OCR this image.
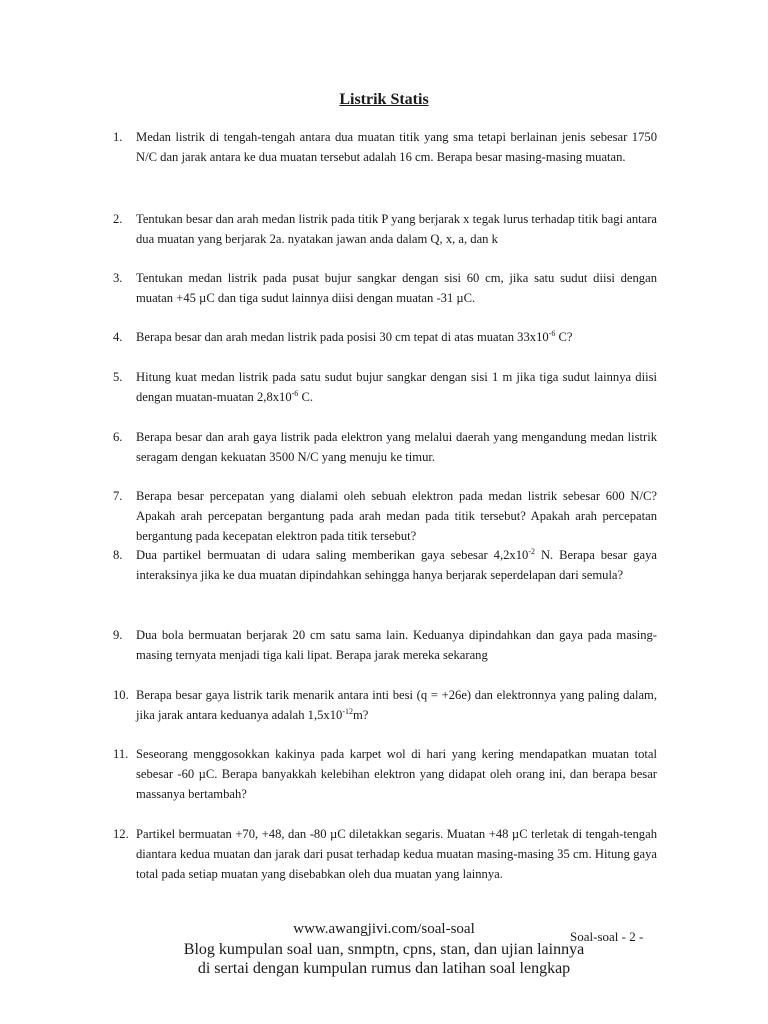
Listrik Statis
1. Medan listrik di tengah-tengah antara dua muatan titik yang sma tetapi berlainan jenis sebesar 1750 N/C dan jarak antara ke dua muatan tersebut adalah 16 cm. Berapa besar masing-masing muatan.
2. Tentukan besar dan arah medan listrik pada titik P yang berjarak x tegak lurus terhadap titik bagi antara dua muatan yang berjarak 2a. nyatakan jawan anda dalam Q, x, a, dan k
3. Tentukan medan listrik pada pusat bujur sangkar dengan sisi 60 cm, jika satu sudut diisi dengan muatan +45 µC dan tiga sudut lainnya diisi dengan muatan -31 µC.
4. Berapa besar dan arah medan listrik pada posisi 30 cm tepat di atas muatan $33x10^{-6}$ C?
5. Hitung kuat medan listrik pada satu sudut bujur sangkar dengan sisi 1 m jika tiga sudut lainnya diisi dengan muatan-muatan $2,8x10^{-6}$ C.
6. Berapa besar dan arah gaya listrik pada elektron yang melalui daerah yang mengandung medan listrik seragam dengan kekuatan 3500 N/C yang menuju ke timur.
7. Berapa besar percepatan yang dialami oleh sebuah elektron pada medan listrik sebesar 600 N/C? Apakah arah percepatan bergantung pada arah medan pada titik tersebut? Apakah arah percepatan bergantung pada kecepatan elektron pada titik tersebut?
8. Dua partikel bermuatan di udara saling memberikan gaya sebesar $4,2x10^{-2}$ N. Berapa besar gaya interaksinya jika ke dua muatan dipindahkan sehingga hanya berjarak seperdelapan dari semula?
9. Dua bola bermuatan berjarak 20 cm satu sama lain. Keduanya dipindahkan dan gaya pada masing-masing ternyata menjadi tiga kali lipat. Berapa jarak mereka sekarang
10. Berapa besar gaya listrik tarik menarik antara inti besi (q = +26e) dan elektronnya yang paling dalam, jika jarak antara keduanya adalah $1,5x10^{-12}m$?
11. Seseorang menggosokkan kakinya pada karpet wol di hari yang kering mendapatkan muatan total sebesar -60 µC. Berapa banyakkah kelebihan elektron yang didapat oleh orang ini, dan berapa besar massanya bertambah?
12. Partikel bermuatan +70, +48, dan -80 µC diletakkan segaris. Muatan +48 µC terletak di tengah-tengah diantara kedua muatan dan jarak dari pusat terhadap kedua muatan masing-masing 35 cm. Hitung gaya total pada setiap muatan yang disebabkan oleh dua muatan yang lainnya.
www.awangjivi.com/soal-soal	Soal-soal - 2 -
Blog kumpulan soal uan, snmptn, cpns, stan, dan ujian lainnya
di sertai dengan kumpulan rumus dan latihan soal lengkap
